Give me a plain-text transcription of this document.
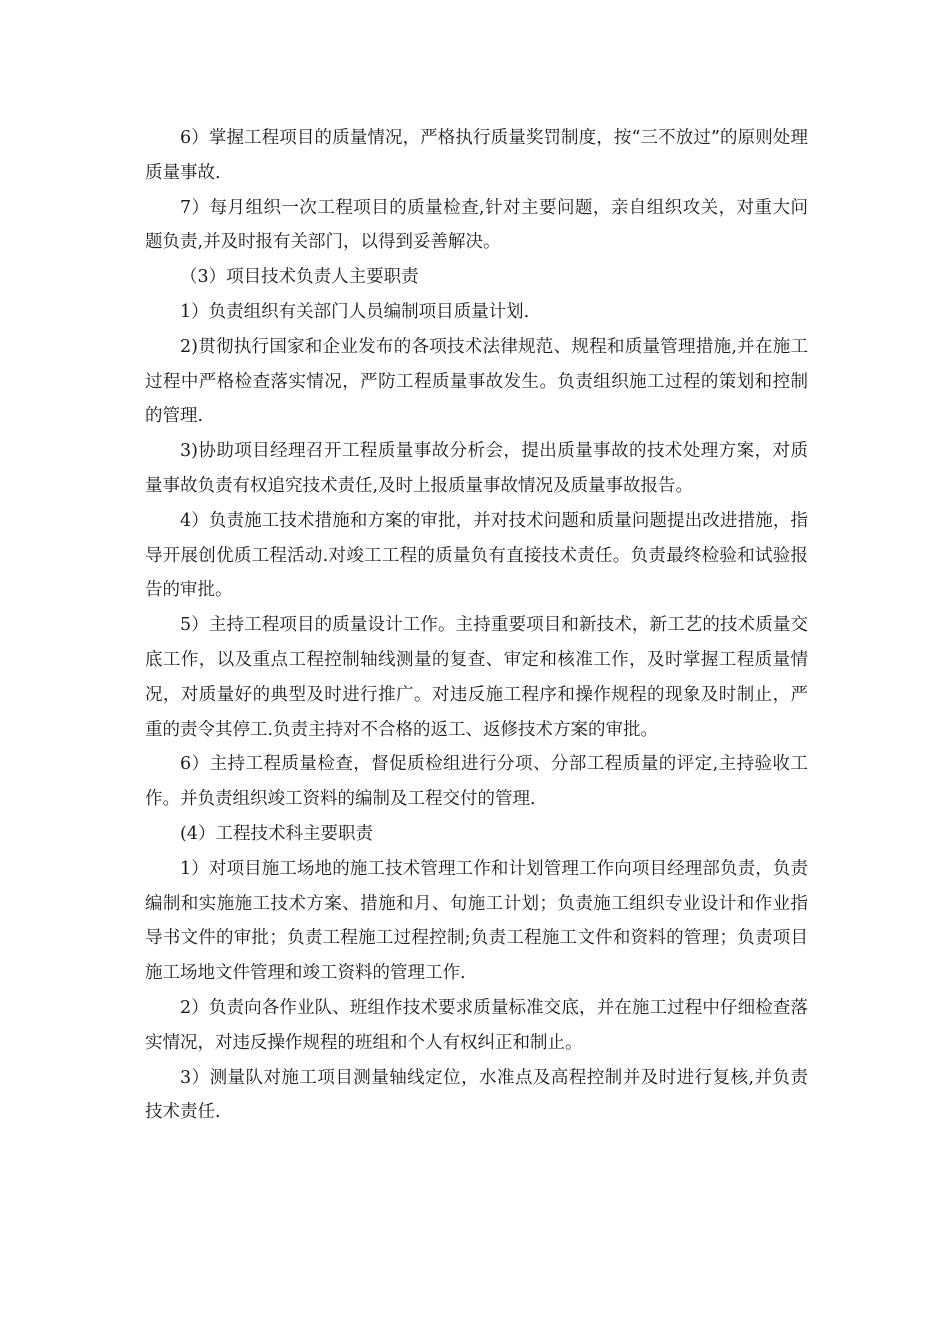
6）掌握工程项目的质量情况，严格执行质量奖罚制度，按“三不放过”的原则处理质量事故.

7）每月组织一次工程项目的质量检查,针对主要问题，亲自组织攻关，对重大问题负责,并及时报有关部门，以得到妥善解决。

（3）项目技术负责人主要职责

1）负责组织有关部门人员编制项目质量计划.

2)贯彻执行国家和企业发布的各项技术法律规范、规程和质量管理措施,并在施工过程中严格检查落实情况，严防工程质量事故发生。负责组织施工过程的策划和控制的管理.

3)协助项目经理召开工程质量事故分析会，提出质量事故的技术处理方案，对质量事故负责有权追究技术责任,及时上报质量事故情况及质量事故报告。

4）负责施工技术措施和方案的审批，并对技术问题和质量问题提出改进措施，指导开展创优质工程活动.对竣工工程的质量负有直接技术责任。负责最终检验和试验报告的审批。

5）主持工程项目的质量设计工作。主持重要项目和新技术，新工艺的技术质量交底工作，以及重点工程控制轴线测量的复查、审定和核准工作，及时掌握工程质量情况，对质量好的典型及时进行推广。对违反施工程序和操作规程的现象及时制止，严重的责令其停工.负责主持对不合格的返工、返修技术方案的审批。

6）主持工程质量检查，督促质检组进行分项、分部工程质量的评定,主持验收工作。并负责组织竣工资料的编制及工程交付的管理.

(4）工程技术科主要职责

1）对项目施工场地的施工技术管理工作和计划管理工作向项目经理部负责，负责编制和实施施工技术方案、措施和月、旬施工计划；负责施工组织专业设计和作业指导书文件的审批；负责工程施工过程控制;负责工程施工文件和资料的管理；负责项目施工场地文件管理和竣工资料的管理工作.

2）负责向各作业队、班组作技术要求质量标准交底，并在施工过程中仔细检查落实情况，对违反操作规程的班组和个人有权纠正和制止。

3）测量队对施工项目测量轴线定位，水准点及高程控制并及时进行复核,并负责技术责任.
